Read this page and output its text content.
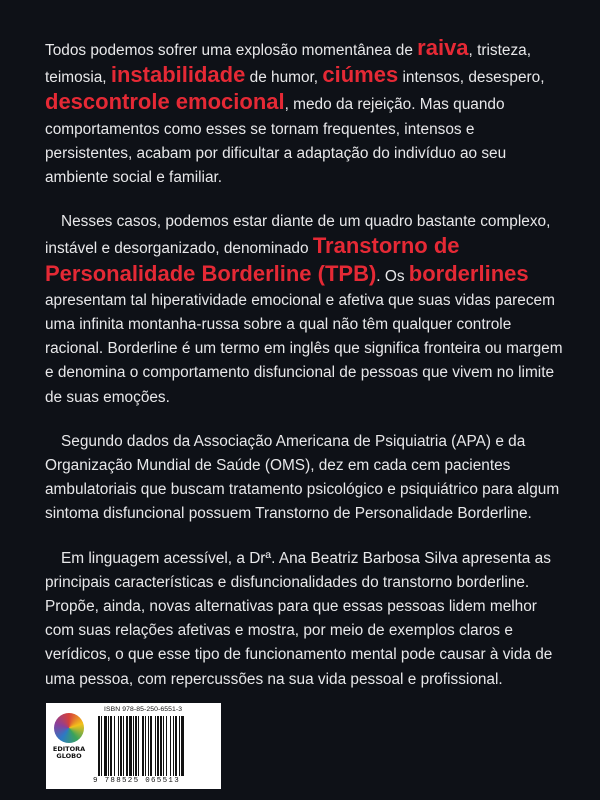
Todos podemos sofrer uma explosão momentânea de raiva, tristeza, teimosia, instabilidade de humor, ciúmes intensos, desespero, descontrole emocional, medo da rejeição. Mas quando comportamentos como esses se tornam frequentes, intensos e persistentes, acabam por dificultar a adaptação do indivíduo ao seu ambiente social e familiar.

Nesses casos, podemos estar diante de um quadro bastante complexo, instável e desorganizado, denominado Transtorno de Personalidade Borderline (TPB). Os borderlines apresentam tal hiperatividade emocional e afetiva que suas vidas parecem uma infinita montanha-russa sobre a qual não têm qualquer controle racional. Borderline é um termo em inglês que significa fronteira ou margem e denomina o comportamento disfuncional de pessoas que vivem no limite de suas emoções.

Segundo dados da Associação Americana de Psiquiatria (APA) e da Organização Mundial de Saúde (OMS), dez em cada cem pacientes ambulatoriais que buscam tratamento psicológico e psiquiátrico para algum sintoma disfuncional possuem Transtorno de Personalidade Borderline.

Em linguagem acessível, a Drª. Ana Beatriz Barbosa Silva apresenta as principais características e disfuncionalidades do transtorno borderline. Propõe, ainda, novas alternativas para que essas pessoas lidem melhor com suas relações afetivas e mostra, por meio de exemplos claros e verídicos, o que esse tipo de funcionamento mental pode causar à vida de uma pessoa, com repercussões na sua vida pessoal e profissional.

EDITORA
GLOBO
ISBN 978-85-250-6551-3
9 788525 065513
